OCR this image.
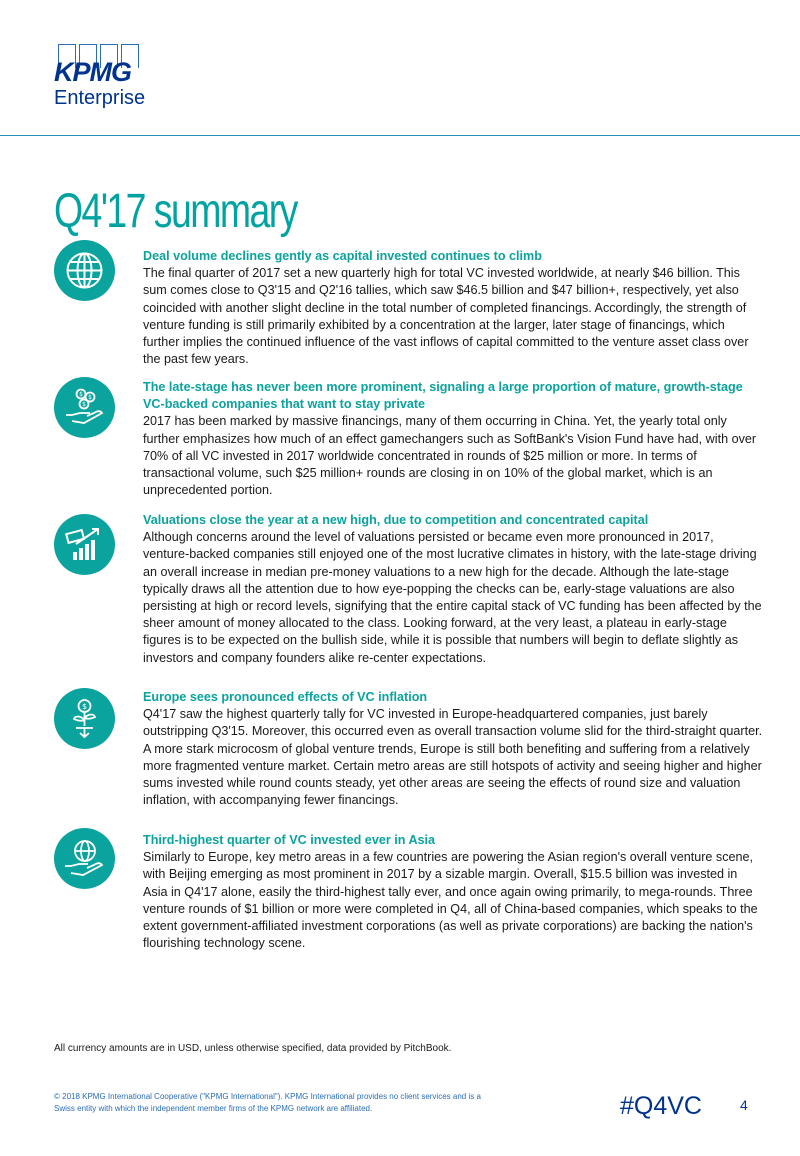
KPMG
Enterprise
Q4'17 summary
Deal volume declines gently as capital invested continues to climb

The final quarter of 2017 set a new quarterly high for total VC invested worldwide, at nearly $46 billion. This sum comes close to Q3'15 and Q2'16 tallies, which saw $46.5 billion and $47 billion+, respectively, yet also coincided with another slight decline in the total number of completed financings. Accordingly, the strength of venture funding is still primarily exhibited by a concentration at the larger, later stage of financings, which further implies the continued influence of the vast inflows of capital committed to the venture asset class over the past few years.

$ $
$
The late-stage has never been more prominent, signaling a large proportion of mature, growth-stage VC-backed companies that want to stay private

2017 has been marked by massive financings, many of them occurring in China. Yet, the yearly total only further emphasizes how much of an effect gamechangers such as SoftBank's Vision Fund have had, with over 70% of all VC invested in 2017 worldwide concentrated in rounds of $25 million or more. In terms of transactional volume, such $25 million+ rounds are closing in on 10% of the global market, which is an unprecedented portion.

Valuations close the year at a new high, due to competition and concentrated capital

Although concerns around the level of valuations persisted or became even more pronounced in 2017, venture-backed companies still enjoyed one of the most lucrative climates in history, with the late-stage driving an overall increase in median pre-money valuations to a new high for the decade. Although the late-stage typically draws all the attention due to how eye-popping the checks can be, early-stage valuations are also persisting at high or record levels, signifying that the entire capital stack of VC funding has been affected by the sheer amount of money allocated to the class. Looking forward, at the very least, a plateau in early-stage figures is to be expected on the bullish side, while it is possible that numbers will begin to deflate slightly as investors and company founders alike re-center expectations.

$
Europe sees pronounced effects of VC inflation

Q4'17 saw the highest quarterly tally for VC invested in Europe-headquartered companies, just barely outstripping Q3'15. Moreover, this occurred even as overall transaction volume slid for the third-straight quarter. A more stark microcosm of global venture trends, Europe is still both benefiting and suffering from a relatively more fragmented venture market. Certain metro areas are still hotspots of activity and seeing higher and higher sums invested while round counts steady, yet other areas are seeing the effects of round size and valuation inflation, with accompanying fewer financings.

Third-highest quarter of VC invested ever in Asia

Similarly to Europe, key metro areas in a few countries are powering the Asian region's overall venture scene, with Beijing emerging as most prominent in 2017 by a sizable margin. Overall, $15.5 billion was invested in Asia in Q4'17 alone, easily the third-highest tally ever, and once again owing primarily, to mega-rounds. Three venture rounds of $1 billion or more were completed in Q4, all of China-based companies, which speaks to the extent government-affiliated investment corporations (as well as private corporations) are backing the nation's flourishing technology scene.

All currency amounts are in USD, unless otherwise specified, data provided by PitchBook.
© 2018 KPMG International Cooperative ("KPMG International"). KPMG International provides no client services and is a Swiss entity with which the independent member firms of the KPMG network are affiliated.	#Q4VC	4
